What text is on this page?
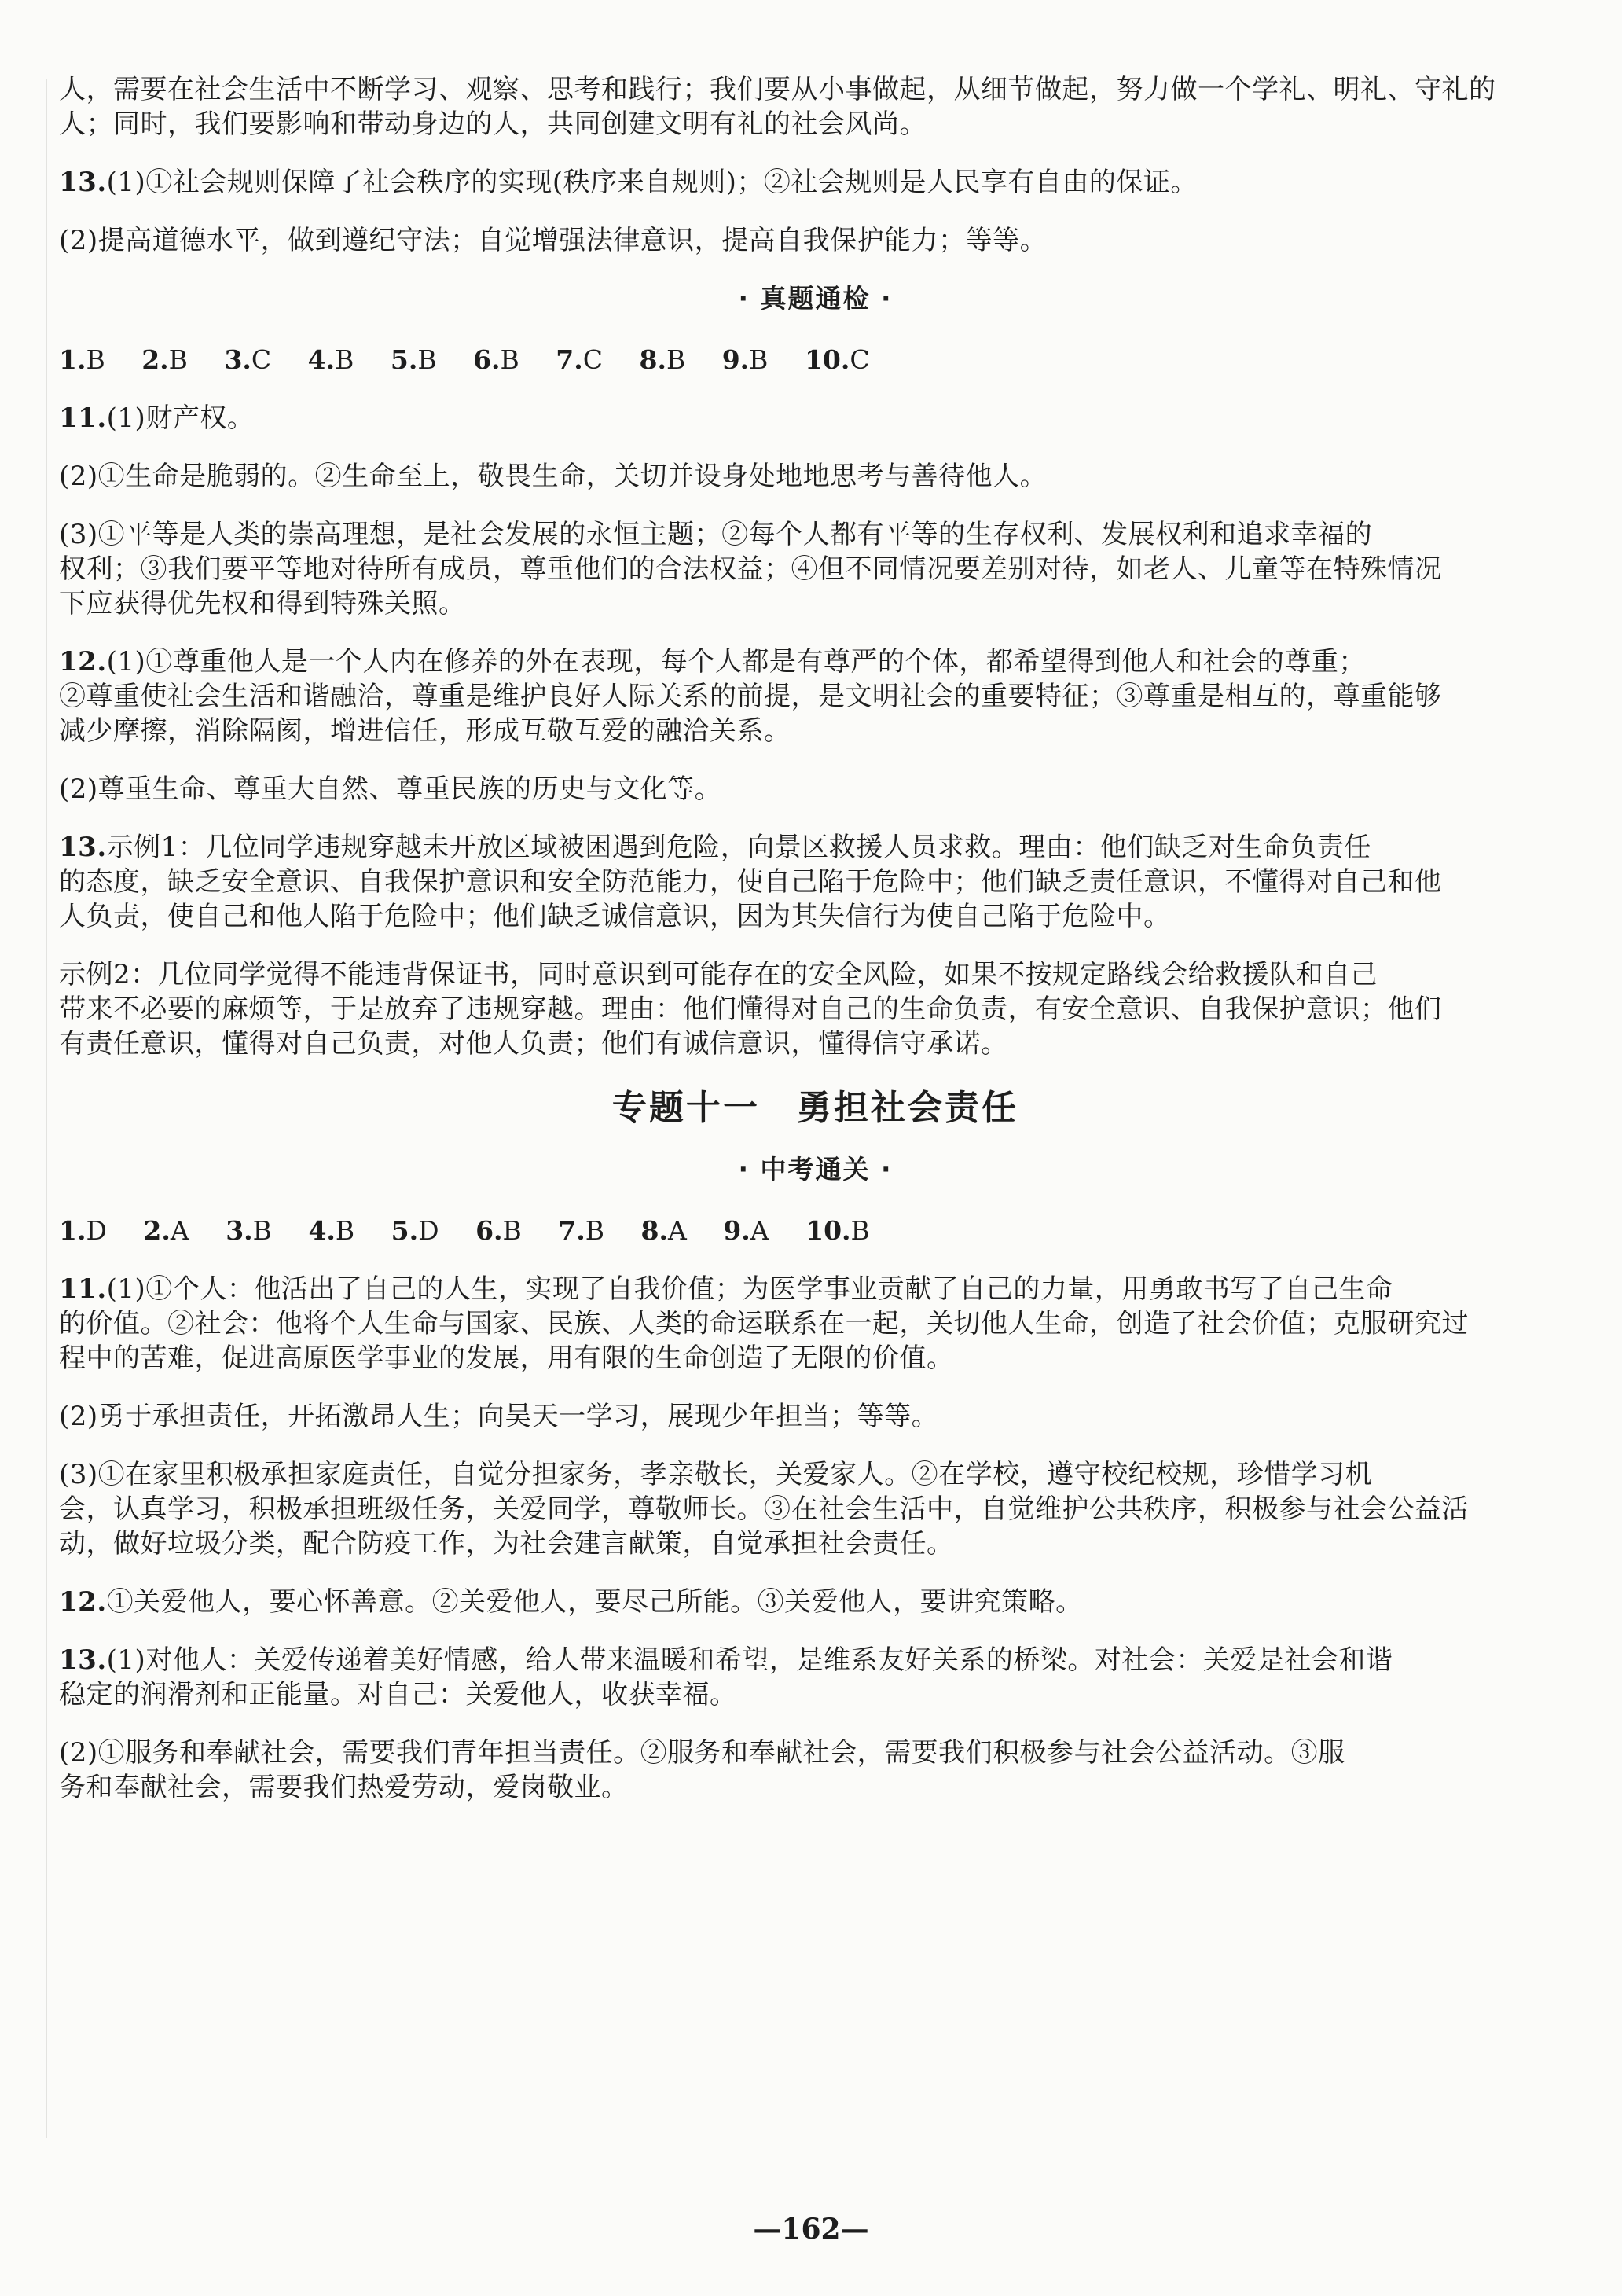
人，需要在社会生活中不断学习、观察、思考和践行；我们要从小事做起，从细节做起，努力做一个学礼、明礼、守礼的

人；同时，我们要影响和带动身边的人，共同创建文明有礼的社会风尚。

13.(1)①社会规则保障了社会秩序的实现(秩序来自规则)；②社会规则是人民享有自由的保证。

(2)提高道德水平，做到遵纪守法；自觉增强法律意识，提高自我保护能力；等等。

· 真题通检 ·
1.B 2.B 3.C 4.B 5.B 6.B 7.C 8.B 9.B 10.C

11.(1)财产权。

(2)①生命是脆弱的。②生命至上，敬畏生命，关切并设身处地地思考与善待他人。

(3)①平等是人类的崇高理想，是社会发展的永恒主题；②每个人都有平等的生存权利、发展权利和追求幸福的

权利；③我们要平等地对待所有成员，尊重他们的合法权益；④但不同情况要差别对待，如老人、儿童等在特殊情况

下应获得优先权和得到特殊关照。

12.(1)①尊重他人是一个人内在修养的外在表现，每个人都是有尊严的个体，都希望得到他人和社会的尊重；

②尊重使社会生活和谐融洽，尊重是维护良好人际关系的前提，是文明社会的重要特征；③尊重是相互的，尊重能够

减少摩擦，消除隔阂，增进信任，形成互敬互爱的融洽关系。

(2)尊重生命、尊重大自然、尊重民族的历史与文化等。

13.示例1：几位同学违规穿越未开放区域被困遇到危险，向景区救援人员求救。理由：他们缺乏对生命负责任

的态度，缺乏安全意识、自我保护意识和安全防范能力，使自己陷于危险中；他们缺乏责任意识，不懂得对自己和他

人负责，使自己和他人陷于危险中；他们缺乏诚信意识，因为其失信行为使自己陷于危险中。

示例2：几位同学觉得不能违背保证书，同时意识到可能存在的安全风险，如果不按规定路线会给救援队和自己

带来不必要的麻烦等，于是放弃了违规穿越。理由：他们懂得对自己的生命负责，有安全意识、自我保护意识；他们

有责任意识，懂得对自己负责，对他人负责；他们有诚信意识，懂得信守承诺。

专题十一　勇担社会责任
· 中考通关 ·
1.D 2.A 3.B 4.B 5.D 6.B 7.B 8.A 9.A 10.B

11.(1)①个人：他活出了自己的人生，实现了自我价值；为医学事业贡献了自己的力量，用勇敢书写了自己生命

的价值。②社会：他将个人生命与国家、民族、人类的命运联系在一起，关切他人生命，创造了社会价值；克服研究过

程中的苦难，促进高原医学事业的发展，用有限的生命创造了无限的价值。

(2)勇于承担责任，开拓激昂人生；向吴天一学习，展现少年担当；等等。

(3)①在家里积极承担家庭责任，自觉分担家务，孝亲敬长，关爱家人。②在学校，遵守校纪校规，珍惜学习机

会，认真学习，积极承担班级任务，关爱同学，尊敬师长。③在社会生活中，自觉维护公共秩序，积极参与社会公益活

动，做好垃圾分类，配合防疫工作，为社会建言献策，自觉承担社会责任。

12.①关爱他人，要心怀善意。②关爱他人，要尽己所能。③关爱他人，要讲究策略。

13.(1)对他人：关爱传递着美好情感，给人带来温暖和希望，是维系友好关系的桥梁。对社会：关爱是社会和谐

稳定的润滑剂和正能量。对自己：关爱他人，收获幸福。

(2)①服务和奉献社会，需要我们青年担当责任。②服务和奉献社会，需要我们积极参与社会公益活动。③服

务和奉献社会，需要我们热爱劳动，爱岗敬业。

—162—
